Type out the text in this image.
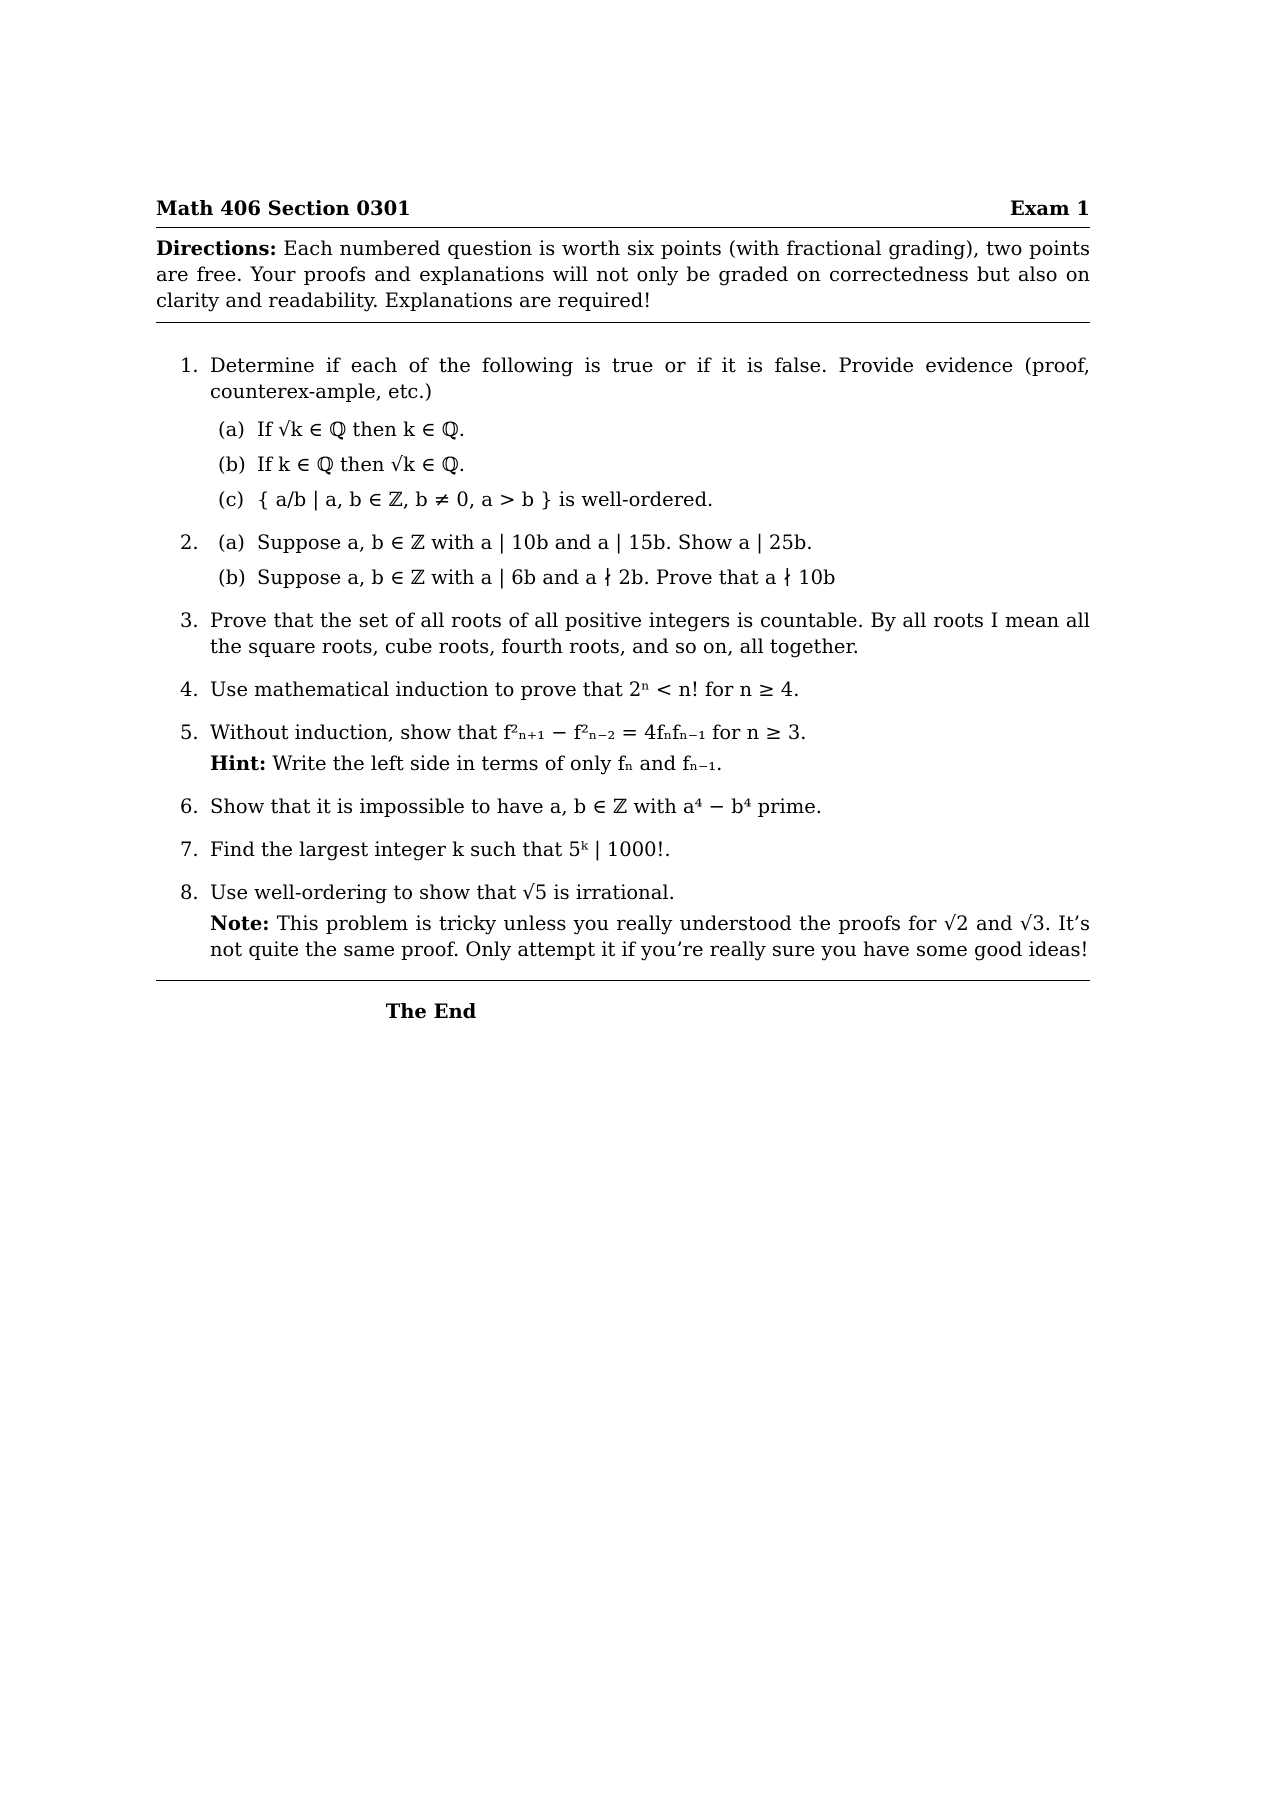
Math 406 Section 0301	Exam 1
Directions: Each numbered question is worth six points (with fractional grading), two points are free. Your proofs and explanations will not only be graded on correctedness but also on clarity and readability. Explanations are required!
1. Determine if each of the following is true or if it is false. Provide evidence (proof, counterex-ample, etc.)
(a) If √k ∈ ℚ then k ∈ ℚ.
(b) If k ∈ ℚ then √k ∈ ℚ.
(c) { a/b | a, b ∈ ℤ, b ≠ 0, a > b } is well-ordered.
2. (a) Suppose a, b ∈ ℤ with a | 10b and a | 15b. Show a | 25b.
(b) Suppose a, b ∈ ℤ with a | 6b and a ∤ 2b. Prove that a ∤ 10b
3. Prove that the set of all roots of all positive integers is countable. By all roots I mean all the square roots, cube roots, fourth roots, and so on, all together.
4. Use mathematical induction to prove that 2ⁿ < n! for n ≥ 4.
5. Without induction, show that f²ₙ₊₁ − f²ₙ₋₂ = 4fₙfₙ₋₁ for n ≥ 3.
Hint: Write the left side in terms of only fₙ and fₙ₋₁.
6. Show that it is impossible to have a, b ∈ ℤ with a⁴ − b⁴ prime.
7. Find the largest integer k such that 5ᵏ | 1000!.
8. Use well-ordering to show that √5 is irrational.
Note: This problem is tricky unless you really understood the proofs for √2 and √3. It’s not quite the same proof. Only attempt it if you’re really sure you have some good ideas!
The End
